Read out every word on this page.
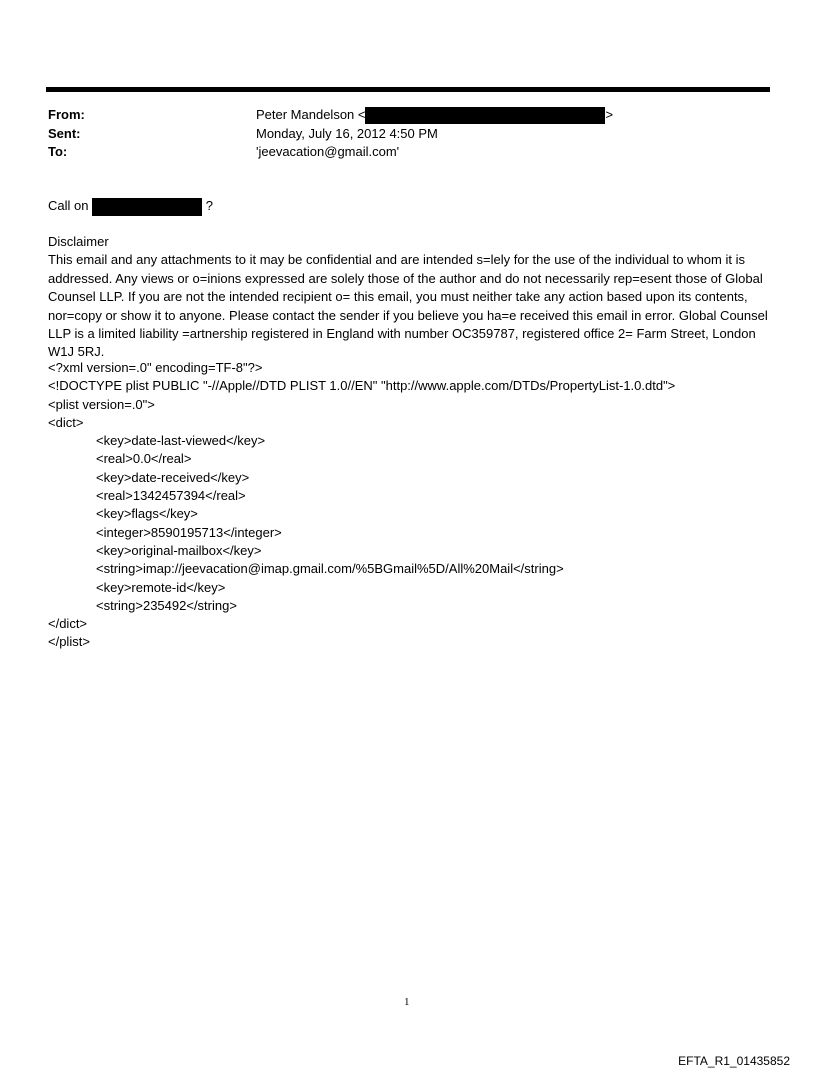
From:	Peter Mandelson <	>
Sent:	Monday, July 16, 2012 4:50 PM
To:	'jeevacation@gmail.com'
Call on	?

Disclaimer

This email and any attachments to it may be confidential and are intended s=lely for the use of the individual to whom it is addressed. Any views or o=inions expressed are solely those of the author and do not necessarily rep=esent those of Global Counsel LLP. If you are not the intended recipient o= this email, you must neither take any action based upon its contents, nor=copy or show it to anyone. Please contact the sender if you believe you ha=e received this email in error. Global Counsel LLP is a limited liability =artnership registered in England with number OC359787, registered office 2= Farm Street, London W1J 5RJ.

<?xml version=.0" encoding=TF-8"?>
<!DOCTYPE plist PUBLIC "-//Apple//DTD PLIST 1.0//EN" "http://www.apple.com/DTDs/PropertyList-1.0.dtd">
<plist version=.0">
<dict>
<key>date-last-viewed</key>
<real>0.0</real>
<key>date-received</key>
<real>1342457394</real>
<key>flags</key>
<integer>8590195713</integer>
<key>original-mailbox</key>
<string>imap://jeevacation@imap.gmail.com/%5BGmail%5D/All%20Mail</string>
<key>remote-id</key>
<string>235492</string>
</dict>
</plist>
1
EFTA_R1_01435852
